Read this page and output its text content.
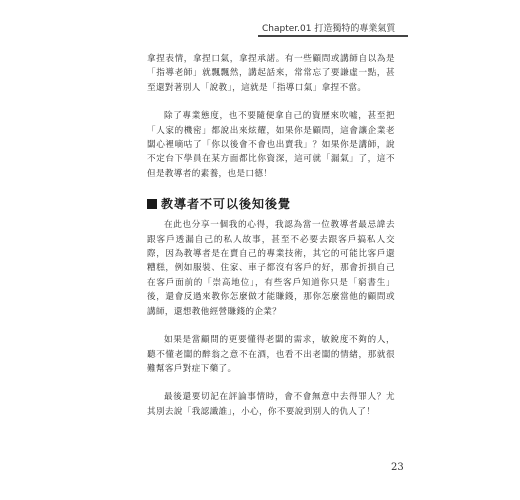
Chapter.01 打造獨特的專業氣質

拿捏表情，拿捏口氣，拿捏承諾。有一些顧問或講師自以為是「指導老師」就飄飄然，講起話來，常常忘了要謙虛一點，甚至還對著別人「說教」，這就是「指導口氣」拿捏不當。

除了專業態度，也不要隨便拿自己的資歷來吹噓，甚至把「人家的機密」都說出來炫耀，如果你是顧問，這會讓企業老闆心裡嘀咕了「你以後會不會也出賣我」？如果你是講師，說不定台下學員在某方面都比你資深，這可就「漏氣」了，這不但是教導者的素養，也是口德！

教導者不可以後知後覺

在此也分享一個我的心得，我認為當一位教導者最忌諱去跟客戶透漏自己的私人故事，甚至不必要去跟客戶搞私人交際，因為教導者是在賣自己的專業技術，其它的可能比客戶還糟糕，例如服裝、住家、車子都沒有客戶的好，那會折損自己在客戶面前的「崇高地位」，有些客戶知道你只是「窮書生」後，還會反過來教你怎麼做才能賺錢，那你怎麼當他的顧問或講師，還想教他經營賺錢的企業？

如果是當顧問的更要懂得老闆的需求，敏銳度不夠的人，聽不懂老闆的醉翁之意不在酒，也看不出老闆的情緒，那就很難幫客戶對症下藥了。

最後還要切記在評論事情時，會不會無意中去得罪人？尤其別去說「我認識誰」，小心，你不要說到別人的仇人了！

23
